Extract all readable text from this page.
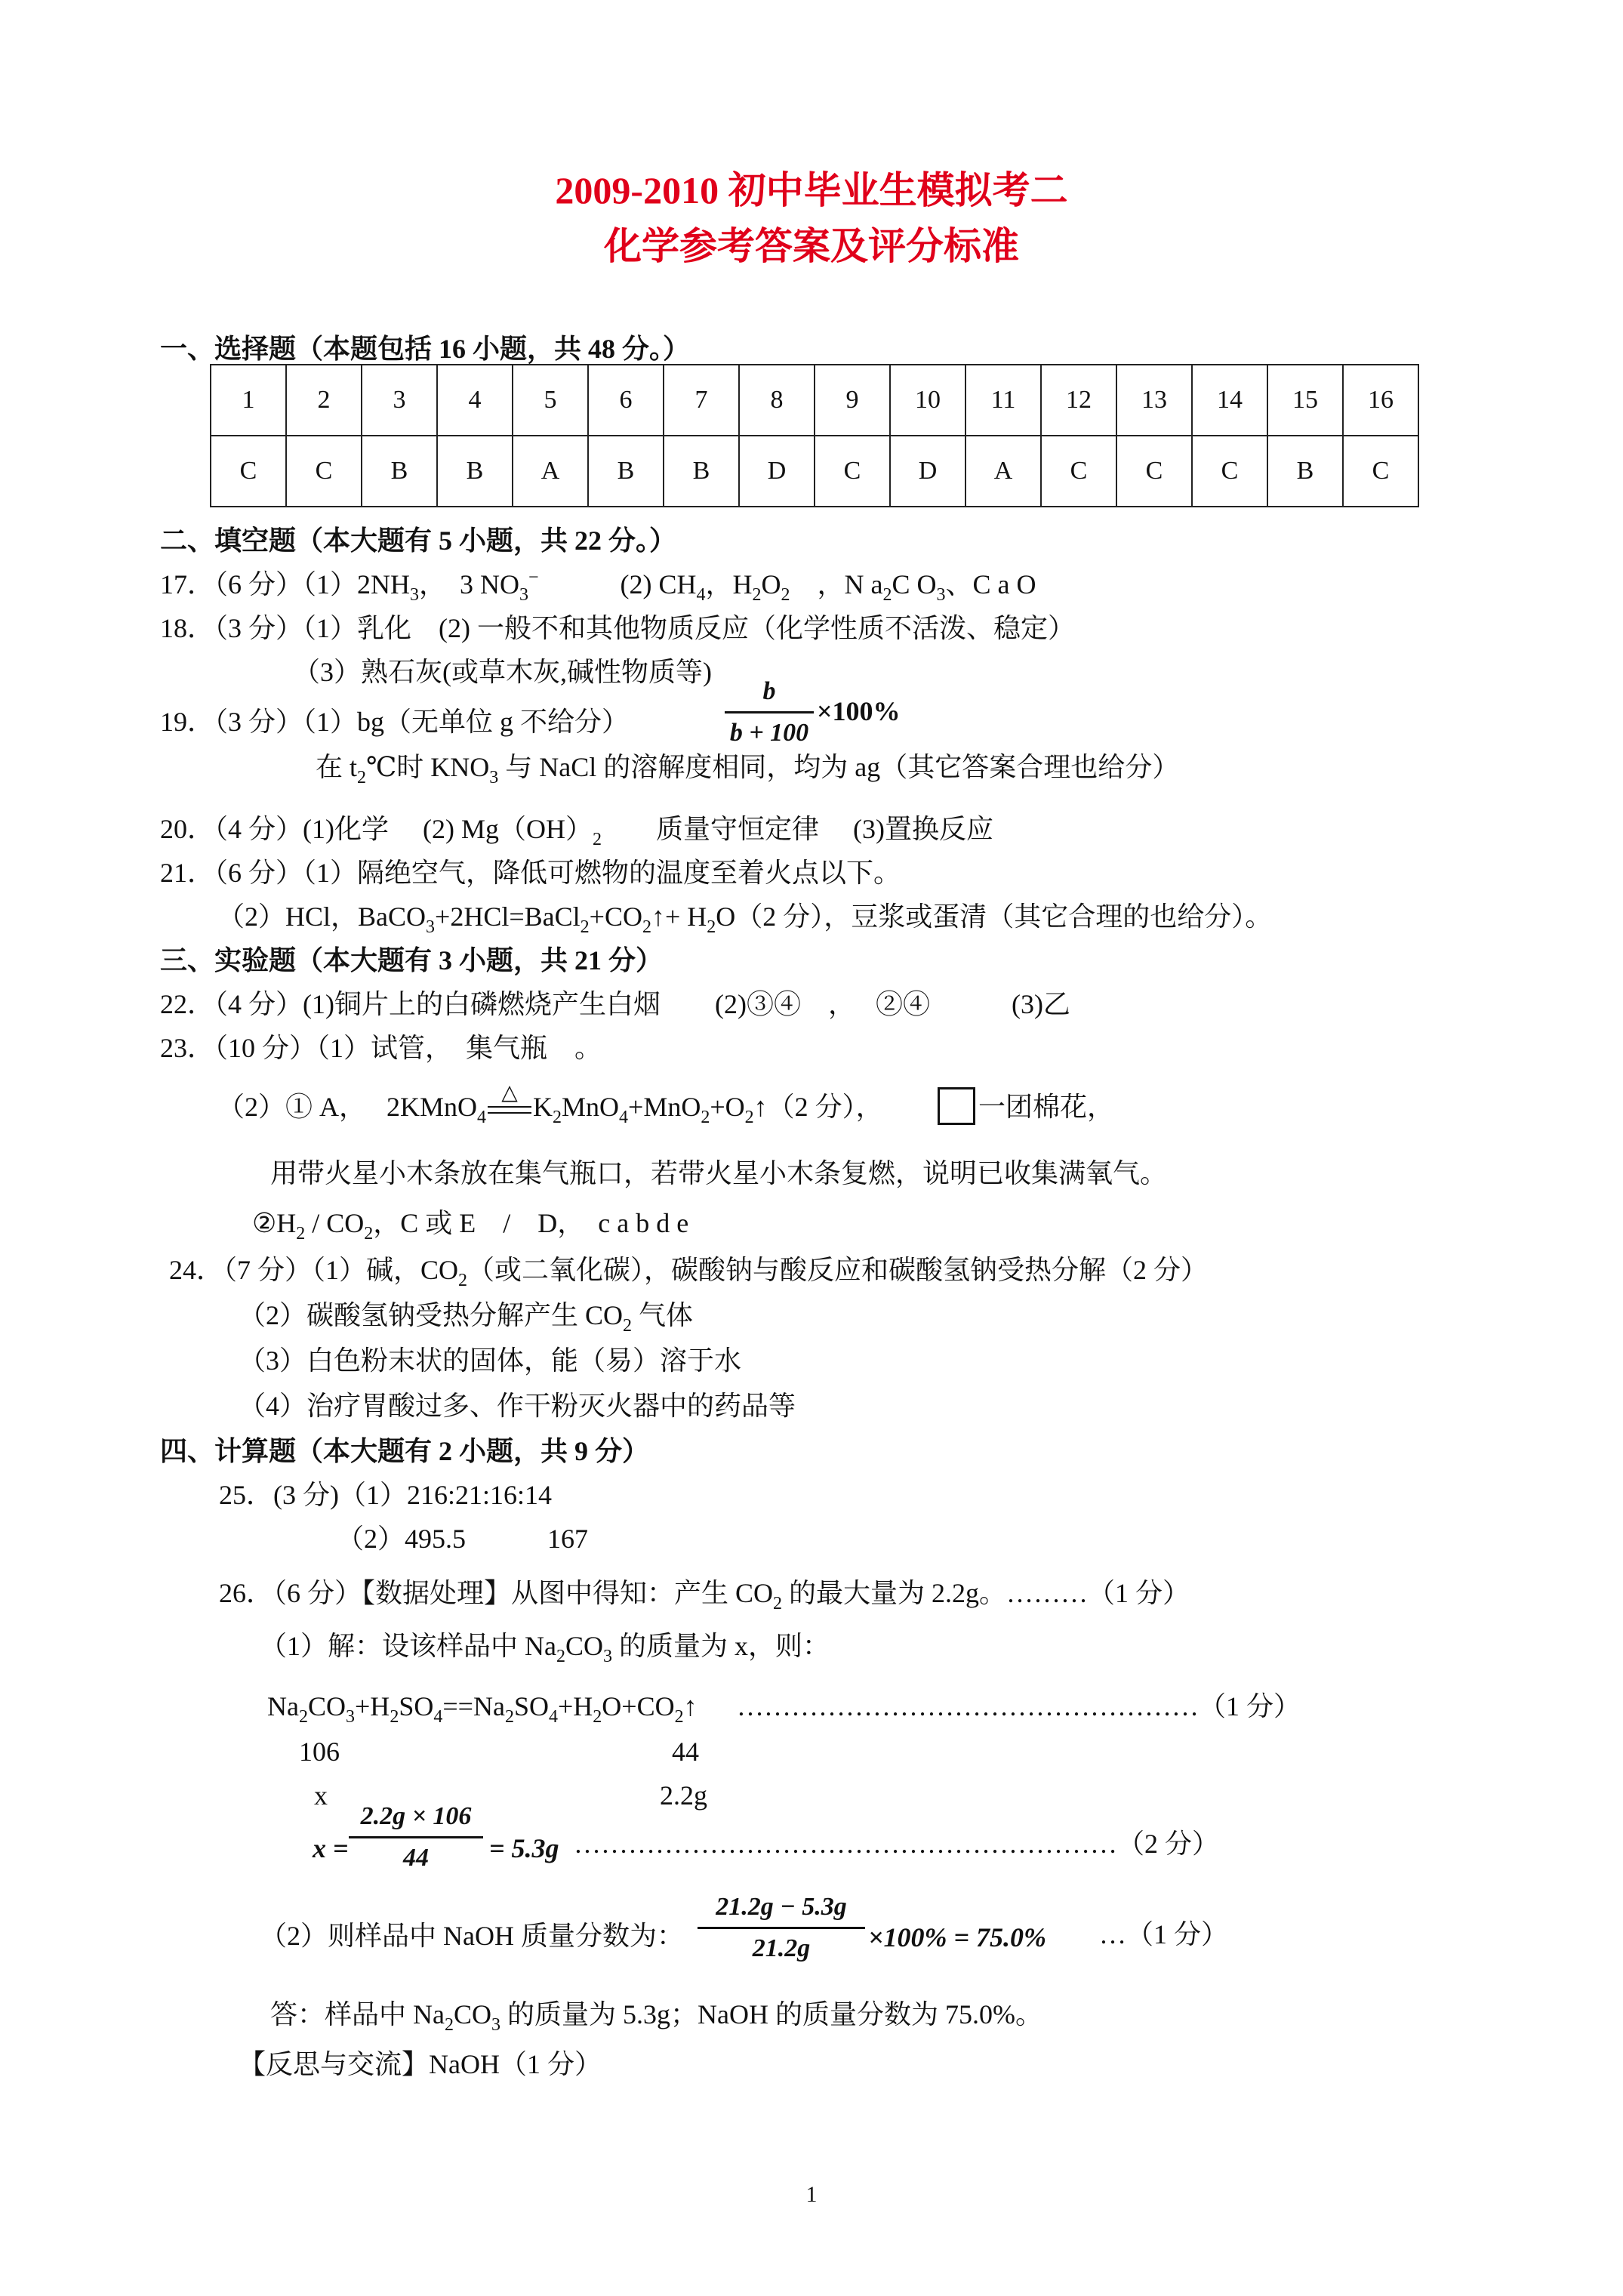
2009-2010 初中毕业生模拟考二
化学参考答案及评分标准
一、选择题（本题包括 16 小题，共 48 分。）
1	2	3	4	5	6	7	8	9	10	11	12	13	14	15	16
C	C	B	B	A	B	B	D	C	D	A	C	C	C	B	C
二、填空题（本大题有 5 小题，共 22 分。）
17．（6 分）$(1)2NH_3$，　3 $NO_3^-$　　　(2) $CH_4$，$H_2O_2$　，N $a_2C$ $O_3$、C a O
18．（3 分）（1）乳化　(2) 一般不和其他物质反应（化学性质不活泼、稳定）
（3）熟石灰(或草木灰,碱性物质等)
19．（3 分）（1）bg（无单位 g 不给分）
b
b + 100
×100%
在 $t_2℃$时 $KNO_3$ 与 NaCl 的溶解度相同，均为 ag（其它答案合理也给分）
20．（4 分）(1)化学　 (2) $Mg(OH)_2$　　质量守恒定律　 (3)置换反应
21．（6 分）（1）隔绝空气，降低可燃物的温度至着火点以下。
（2）HCl，$BaCO_3+2HCl=BaCl_2+CO_2↑+ H_2O(2$ 分），豆浆或蛋清（其它合理的也给分）。
三、实验题（本大题有 3 小题，共 21 分）
22．（4 分）(1)铜片上的白磷燃烧产生白烟　　(2)③④　，　 ②④　　　(3)乙
23．（10 分）（1）试管，　集气瓶　。
（2）① A，　 2KMnO$_4$
△ $K_2MnO_4+MnO_2+O_2↑(2$ 分），	一团棉花，
用带火星小木条放在集气瓶口，若带火星小木条复燃，说明已收集满氧气。
$②H_2 / CO_2$，C 或 E　/　D，　c a b d e
24．（7 分）（1）碱，$CO_2$（或二氧化碳），碳酸钠与酸反应和碳酸氢钠受热分解（2 分）
（2）碳酸氢钠受热分解产生 $CO_2$ 气体
（3）白色粉末状的固体，能（易）溶于水
（4）治疗胃酸过多、作干粉灭火器中的药品等
四、计算题（本大题有 2 小题，共 9 分）
25．(3 分)（1）216:21:16:14
（2）495.5　　　167
26．（6 分）【数据处理】从图中得知：产生 $CO_2$ 的最大量为 2.2g。………（1 分）
（1）解：设该样品中 $Na_2CO_3$ 的质量为 x，则：
$Na_2CO_3+H_2SO_4==Na_2SO_4+H_2O+CO_2↑$ ……………………………………………（1 分）
106	44
x	2.2g
x =
2.2g × 106
44	= 5.3g ……………………………………………………（2 分）
（2）则样品中 NaOH 质量分数为：
21.2g − 5.3g
21.2g	×100% = 75.0% …（1 分）
答：样品中 $Na_2CO_3$ 的质量为 5.3g；NaOH 的质量分数为 75.0%。
【反思与交流】NaOH（1 分）
1
